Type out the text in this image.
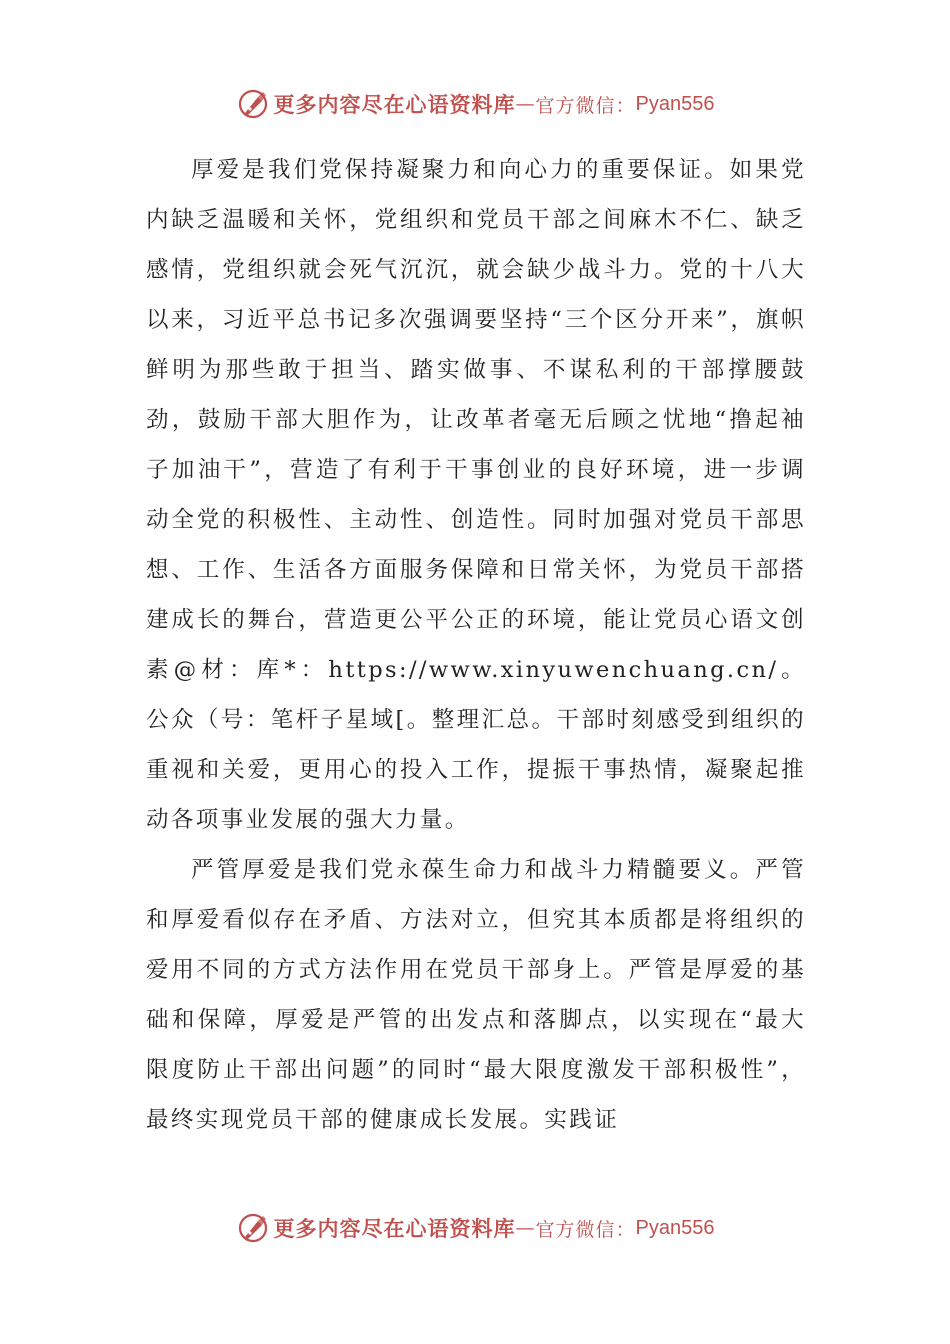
更多内容尽在心语资料库 — 官方微信： Pyan556

厚爱是我们党保持凝聚力和向心力的重要保证。如果党内缺乏温暖和关怀，党组织和党员干部之间麻木不仁、缺乏感情，党组织就会死气沉沉，就会缺少战斗力。党的十八大以来，习近平总书记多次强调要坚持“三个区分开来”，旗帜鲜明为那些敢于担当、踏实做事、不谋私利的干部撑腰鼓劲，鼓励干部大胆作为，让改革者毫无后顾之忧地“撸起袖子加油干”，营造了有利于干事创业的良好环境，进一步调动全党的积极性、主动性、创造性。同时加强对党员干部思想、工作、生活各方面服务保障和日常关怀，为党员干部搭建成长的舞台，营造更公平公正的环境，能让党员心语文创素@材：库*：https://www.xinyuwenchuang.cn/。公众（号：笔杆子星域[。整理汇总。干部时刻感受到组织的重视和关爱，更用心的投入工作，提振干事热情，凝聚起推动各项事业发展的强大力量。

严管厚爱是我们党永葆生命力和战斗力精髓要义。严管和厚爱看似存在矛盾、方法对立，但究其本质都是将组织的爱用不同的方式方法作用在党员干部身上。严管是厚爱的基础和保障，厚爱是严管的出发点和落脚点，以实现在“最大限度防止干部出问题”的同时“最大限度激发干部积极性”，最终实现党员干部的健康成长发展。实践证

更多内容尽在心语资料库 — 官方微信： Pyan556
